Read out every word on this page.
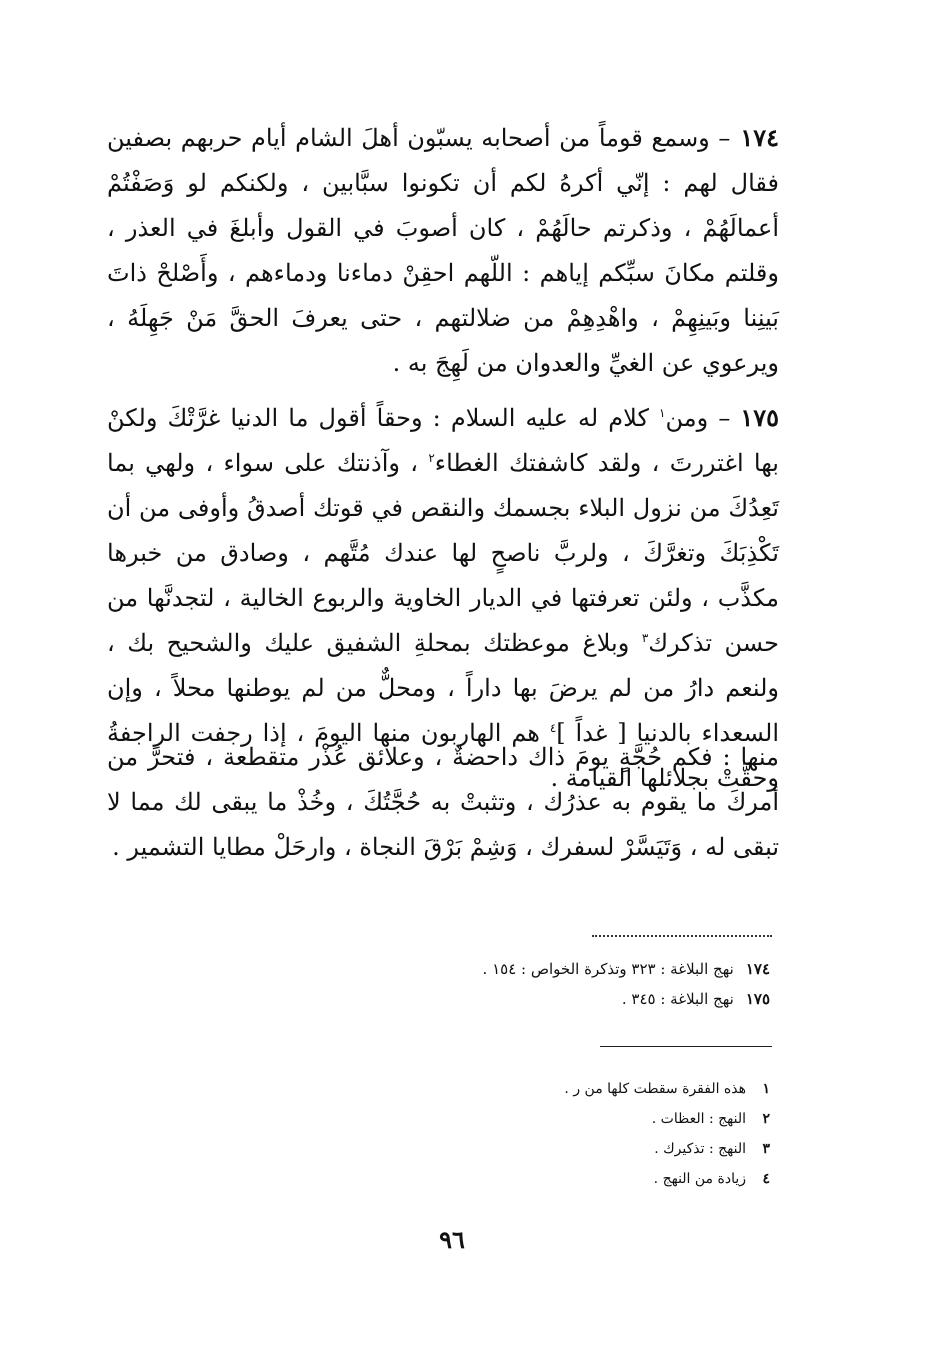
١٧٤– وسمع قوماً من أصحابه يسبّون أهلَ الشام أيام حربهم بصفين فقال لهم : إنّي أكرهُ لكم أن تكونوا سبَّابين ، ولكنكم لو وَصَفْتُمْ أعمالَهُمْ ، وذكرتم حالَهُمْ ، كان أصوبَ في القول وأبلغَ في العذر ، وقلتم مكانَ سبِّكم إياهم : اللّهم احقِنْ دماءنا ودماءهم ، وأَصْلحْ ذاتَ بَينِنا وبَينِهِمْ ، واهْدِهِمْ من ضلالتهم ، حتى يعرفَ الحقَّ مَنْ جَهِلَهُ ، ويرعوي عن الغيِّ والعدوان من لَهِجَ به .

١٧٥– ومن$^١$ كلام له عليه السلام : وحقاً أقول ما الدنيا غرَّتْكَ ولكنْ بها اغتررتَ ، ولقد كاشفتك الغطاء$^٢$ ، وآذنتك على سواء ، ولهي بما تَعِدُكَ من نزول البلاء بجسمك والنقص في قوتك أصدقُ وأوفى من أن تَكْذِبَكَ وتغرَّكَ ، ولربَّ ناصحٍ لها عندك مُتَّهم ، وصادق من خبرها مكذَّب ، ولئن تعرفتها في الديار الخاوية والربوع الخالية ، لتجدنَّها من حسن تذكرك$^٣$ وبلاغ موعظتك بمحلةِ الشفيق عليك والشحيح بك ، ولنعم دارُ من لم يرضَ بها داراً ، ومحلٌّ من لم يوطنها محلاً ، وإن السعداء بالدنيا [ غداً ]$^٤$ هم الهاربون منها اليومَ ، إذا رجفت الراجفةُ وحقَّتْ بجلائلها القيامة .

منها : فكم حُجَّةٍ يومَ ذاك داحضةٌ ، وعلائق عُذْر متقطعة ، فتحرَّ من أمركَ ما يقوم به عذرُك ، وتثبتْ به حُجَّتُكَ ، وخُذْ ما يبقى لك مما لا تبقى له ، وَتَيَسَّرْ لسفرك ، وَشِمْ بَرْقَ النجاة ، وارحَلْ مطايا التشمير .

١٧٤نهج البلاغة : ٣٢٣ وتذكرة الخواص : ١٥٤ .
١٧٥نهج البلاغة : ٣٤٥ .
١هذه الفقرة سقطت كلها من ر .
٢النهج : العظات .
٣النهج : تذكيرك .
٤زيادة من النهج .
٩٦
